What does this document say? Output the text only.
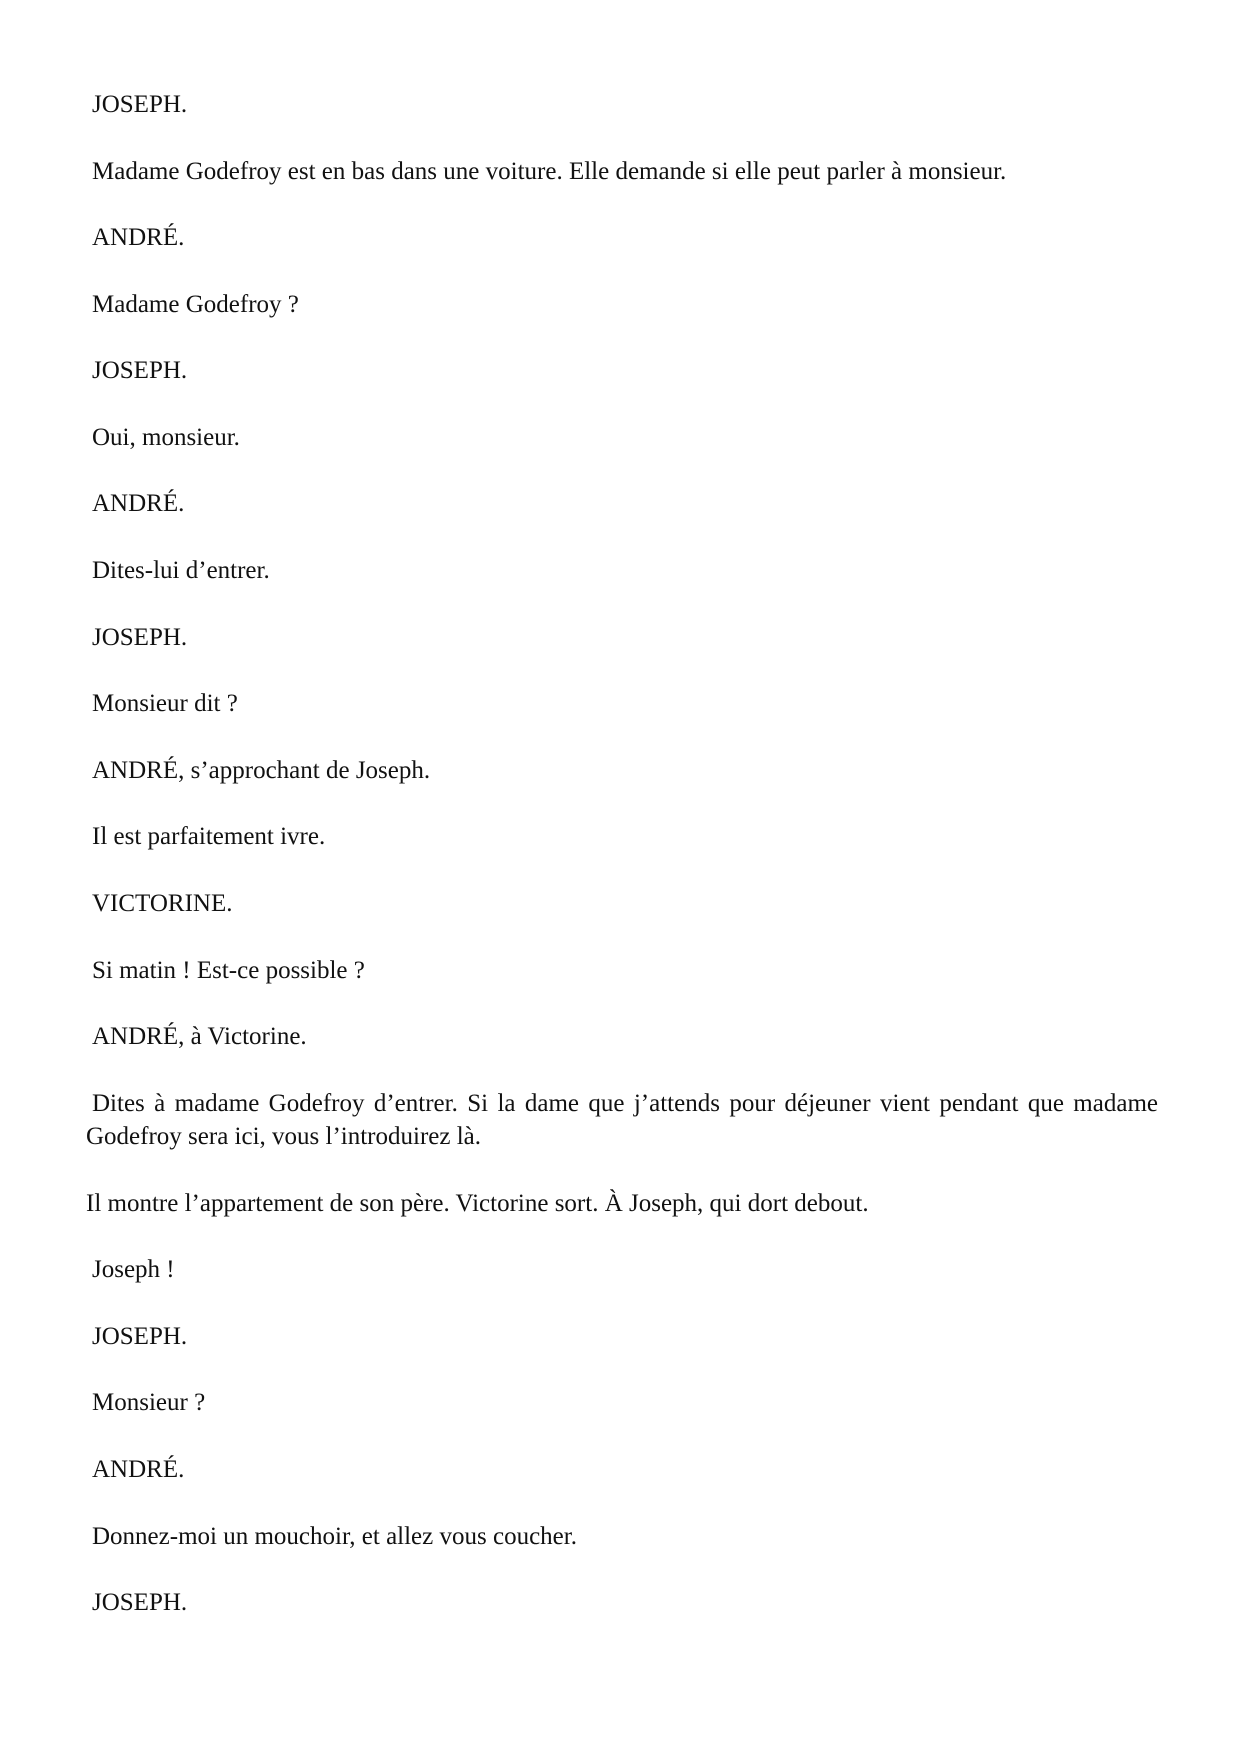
JOSEPH.

Madame Godefroy est en bas dans une voiture. Elle demande si elle peut parler à monsieur.

ANDRÉ.

Madame Godefroy ?

JOSEPH.

Oui, monsieur.

ANDRÉ.

Dites-lui d’entrer.

JOSEPH.

Monsieur dit ?

ANDRÉ, s’approchant de Joseph.

Il est parfaitement ivre.

VICTORINE.

Si matin ! Est-ce possible ?

ANDRÉ, à Victorine.

Dites à madame Godefroy d’entrer. Si la dame que j’attends pour déjeuner vient pendant que madame Godefroy sera ici, vous l’introduirez là.

Il montre l’appartement de son père. Victorine sort. À Joseph, qui dort debout.

Joseph !

JOSEPH.

Monsieur ?

ANDRÉ.

Donnez-moi un mouchoir, et allez vous coucher.

JOSEPH.
